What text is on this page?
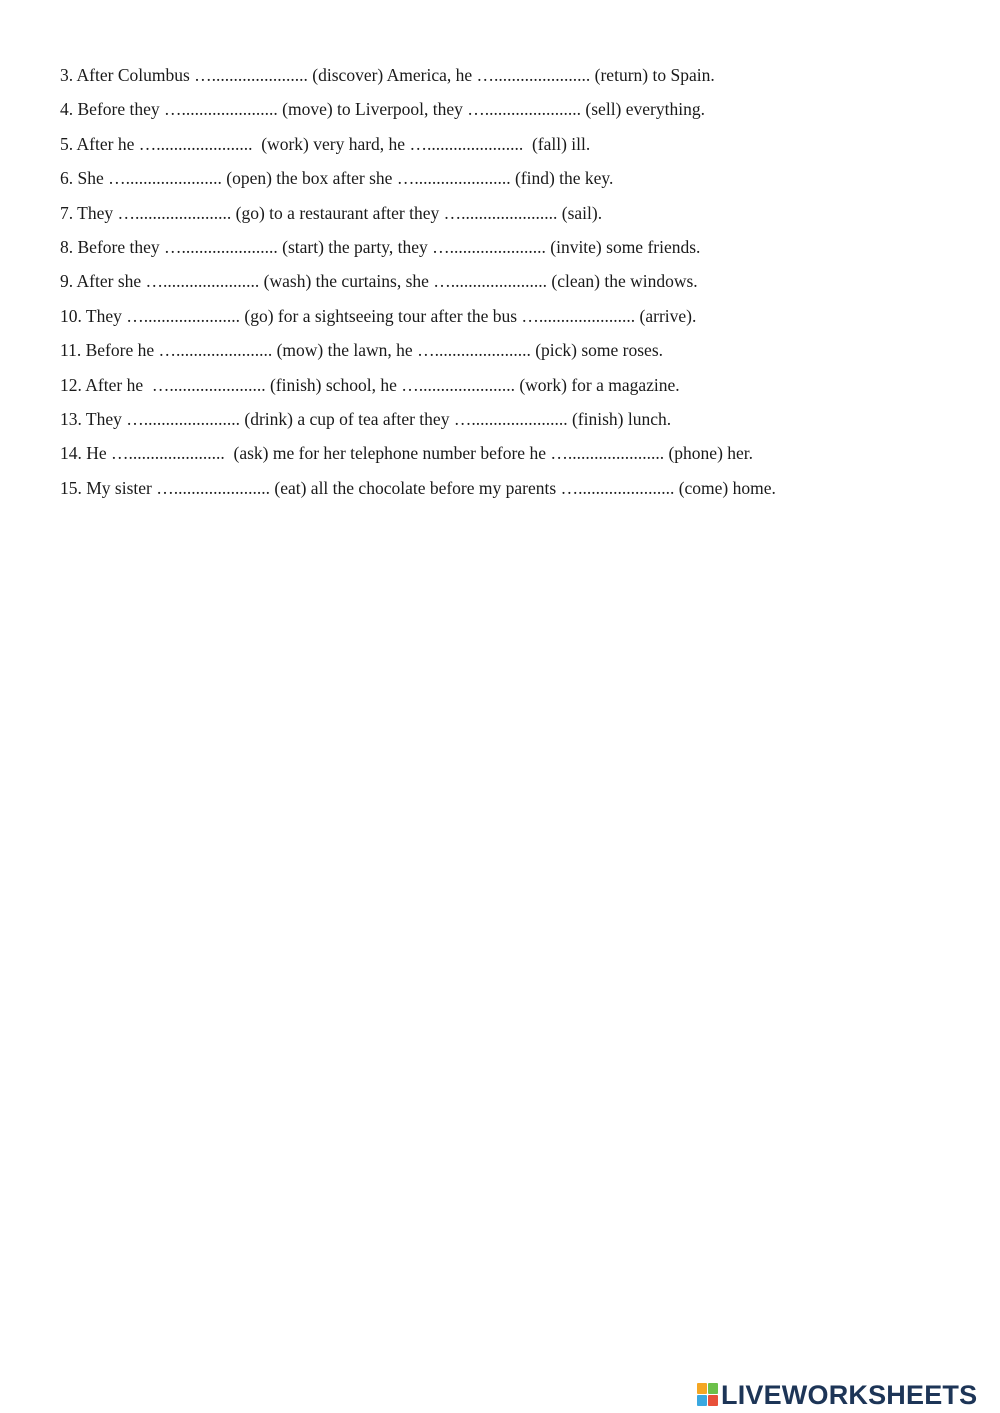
3. After Columbus …...................... (discover) America, he …...................... (return) to Spain.
4. Before they …...................... (move) to Liverpool, they …...................... (sell) everything.
5. After he …......................  (work) very hard, he …......................  (fall) ill.
6. She …...................... (open) the box after she …...................... (find) the key.
7. They …...................... (go) to a restaurant after they …...................... (sail).
8. Before they …...................... (start) the party, they …...................... (invite) some friends.
9. After she …...................... (wash) the curtains, she …...................... (clean) the windows.
10. They …...................... (go) for a sightseeing tour after the bus …...................... (arrive).
11. Before he …...................... (mow) the lawn, he …...................... (pick) some roses.
12. After he  …...................... (finish) school, he …...................... (work) for a magazine.
13. They …...................... (drink) a cup of tea after they …...................... (finish) lunch.
14. He …......................  (ask) me for her telephone number before he …...................... (phone) her.
15. My sister …...................... (eat) all the chocolate before my parents …...................... (come) home.
LIVEWORKSHEETS
